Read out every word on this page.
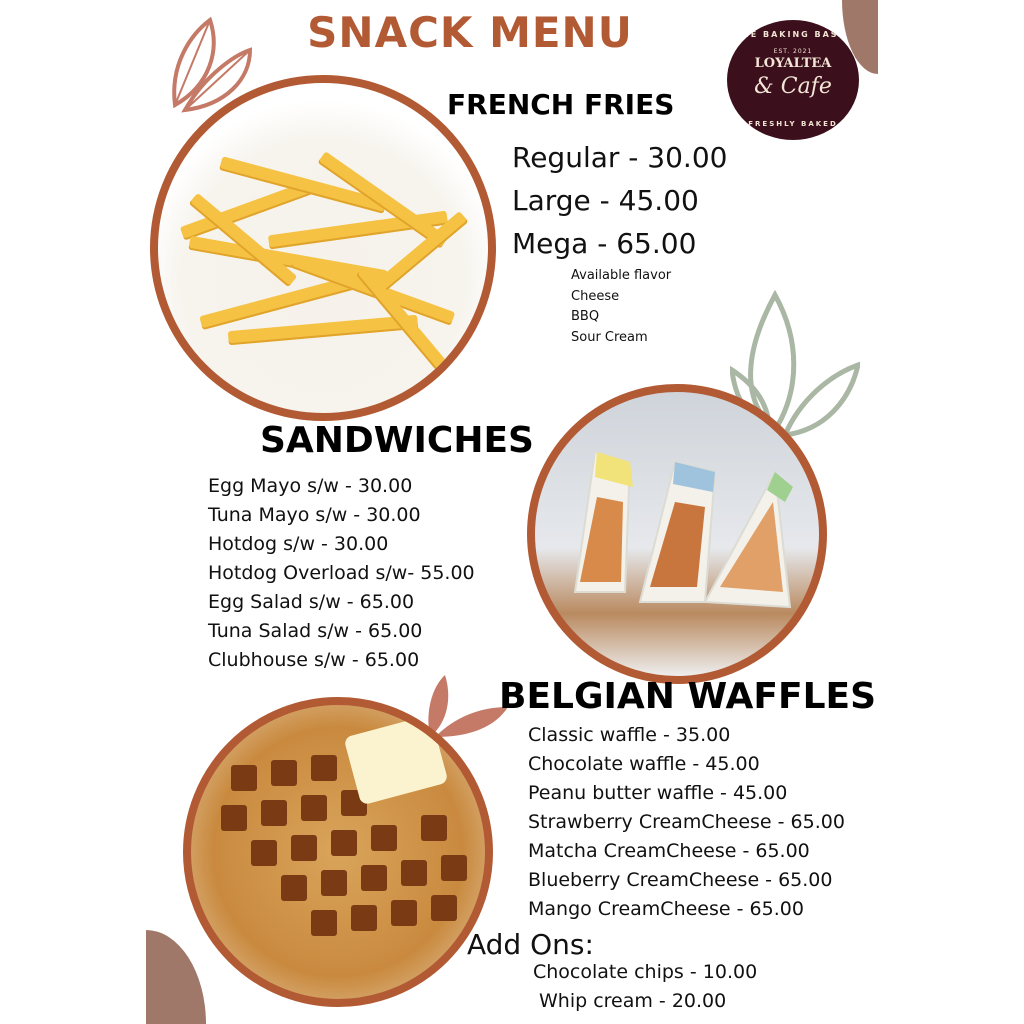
SNACK MENU	THE BAKING BASIC
EST. 2021
LOYALTEA
& Cafe
FRESHLY BAKED
FRENCH FRIES
Regular - 30.00
Large - 45.00
Mega - 65.00
Available flavor
Cheese
BBQ
Sour Cream
SANDWICHES
Egg Mayo s/w - 30.00
Tuna Mayo s/w - 30.00
Hotdog s/w - 30.00
Hotdog Overload s/w- 55.00
Egg Salad s/w - 65.00
Tuna Salad s/w - 65.00
Clubhouse s/w - 65.00
BELGIAN WAFFLES
Classic waffle - 35.00
Chocolate waffle - 45.00
Peanu butter waffle - 45.00
Strawberry CreamCheese - 65.00
Matcha CreamCheese - 65.00
Blueberry CreamCheese - 65.00
Mango CreamCheese - 65.00
Add Ons:
Chocolate chips - 10.00
Whip cream - 20.00
